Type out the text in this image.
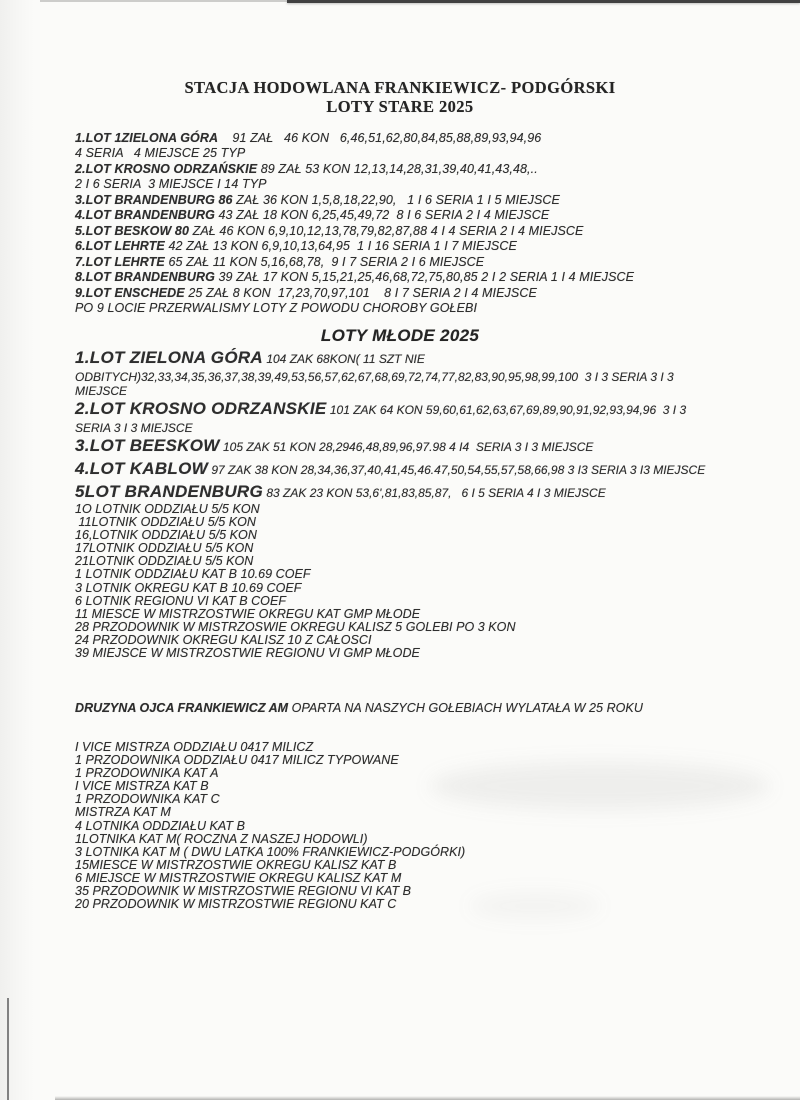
STACJA HODOWLANA FRANKIEWICZ- PODGÓRSKI
LOTY STARE 2025
1.LOT 1ZIELONA GÓRA    91 ZAŁ   46 KON   6,46,51,62,80,84,85,88,89,93,94,96
4 SERIA   4 MIEJSCE 25 TYP
2.LOT KROSNO ODRZAŃSKIE 89 ZAŁ 53 KON 12,13,14,28,31,39,40,41,43,48,..
2 I 6 SERIA  3 MIEJSCE I 14 TYP
3.LOT BRANDENBURG 86 ZAŁ 36 KON 1,5,8,18,22,90,   1 I 6 SERIA 1 I 5 MIEJSCE
4.LOT BRANDENBURG 43 ZAŁ 18 KON 6,25,45,49,72  8 I 6 SERIA 2 I 4 MIEJSCE
5.LOT BESKOW 80 ZAŁ 46 KON 6,9,10,12,13,78,79,82,87,88 4 I 4 SERIA 2 I 4 MIEJSCE
6.LOT LEHRTE 42 ZAŁ 13 KON 6,9,10,13,64,95  1 I 16 SERIA 1 I 7 MIEJSCE
7.LOT LEHRTE 65 ZAŁ 11 KON 5,16,68,78,  9 I 7 SERIA 2 I 6 MIEJSCE
8.LOT BRANDENBURG 39 ZAŁ 17 KON 5,15,21,25,46,68,72,75,80,85 2 I 2 SERIA 1 I 4 MIEJSCE
9.LOT ENSCHEDE 25 ZAŁ 8 KON  17,23,70,97,101    8 I 7 SERIA 2 I 4 MIEJSCE
PO 9 LOCIE PRZERWALISMY LOTY Z POWODU CHOROBY GOŁEBI
LOTY MŁODE 2025
1.LOT ZIELONA GÓRA 104 ZAK 68KON( 11 SZT NIE
ODBITYCH)32,33,34,35,36,37,38,39,49,53,56,57,62,67,68,69,72,74,77,82,83,90,95,98,99,100  3 I 3 SERIA 3 I 3
MIEJSCE
2.LOT KROSNO ODRZANSKIE 101 ZAK 64 KON 59,60,61,62,63,67,69,89,90,91,92,93,94,96  3 I 3
SERIA 3 I 3 MIEJSCE
3.LOT BEESKOW 105 ZAK 51 KON 28,2946,48,89,96,97.98 4 I4  SERIA 3 I 3 MIEJSCE
4.LOT KABLOW 97 ZAK 38 KON 28,34,36,37,40,41,45,46.47,50,54,55,57,58,66,98 3 I3 SERIA 3 I3 MIEJSCE
5LOT BRANDENBURG 83 ZAK 23 KON 53,6',81,83,85,87,   6 I 5 SERIA 4 I 3 MIEJSCE
1O LOTNIK ODDZIAŁU 5/5 KON
11LOTNIK ODDZIAŁU 5/5 KON
16,LOTNIK ODDZIAŁU 5/5 KON
17LOTNIK ODDZIAŁU 5/5 KON
21LOTNIK ODDZIAŁU 5/5 KON
1 LOTNIK ODDZIAŁU KAT B 10.69 COEF
3 LOTNIK OKREGU KAT B 10.69 COEF
6 LOTNIK REGIONU VI KAT B COEF
11 MIESCE W MISTRZOSTWIE OKREGU KAT GMP MŁODE
28 PRZODOWNIK W MISTRZOSWIE OKREGU KALISZ 5 GOLEBI PO 3 KON
24 PRZODOWNIK OKREGU KALISZ 10 Z CAŁOSCI
39 MIEJSCE W MISTRZOSTWIE REGIONU VI GMP MŁODE

DRUZYNA OJCA FRANKIEWICZ AM OPARTA NA NASZYCH GOŁEBIACH WYLATAŁA W 25 ROKU

I VICE MISTRZA ODDZIAŁU 0417 MILICZ
1 PRZODOWNIKA ODDZIAŁU 0417 MILICZ TYPOWANE
1 PRZODOWNIKA KAT A
I VICE MISTRZA KAT B
1 PRZODOWNIKA KAT C
MISTRZA KAT M
4 LOTNIKA ODDZIAŁU KAT B
1LOTNIKA KAT M( ROCZNA Z NASZEJ HODOWLI)
3 LOTNIKA KAT M ( DWU LATKA 100% FRANKIEWICZ-PODGÓRKI)
15MIESCE W MISTRZOSTWIE OKREGU KALISZ KAT B
6 MIEJSCE W MISTRZOSTWIE OKREGU KALISZ KAT M
35 PRZODOWNIK W MISTRZOSTWIE REGIONU VI KAT B
20 PRZODOWNIK W MISTRZOSTWIE REGIONU KAT C
